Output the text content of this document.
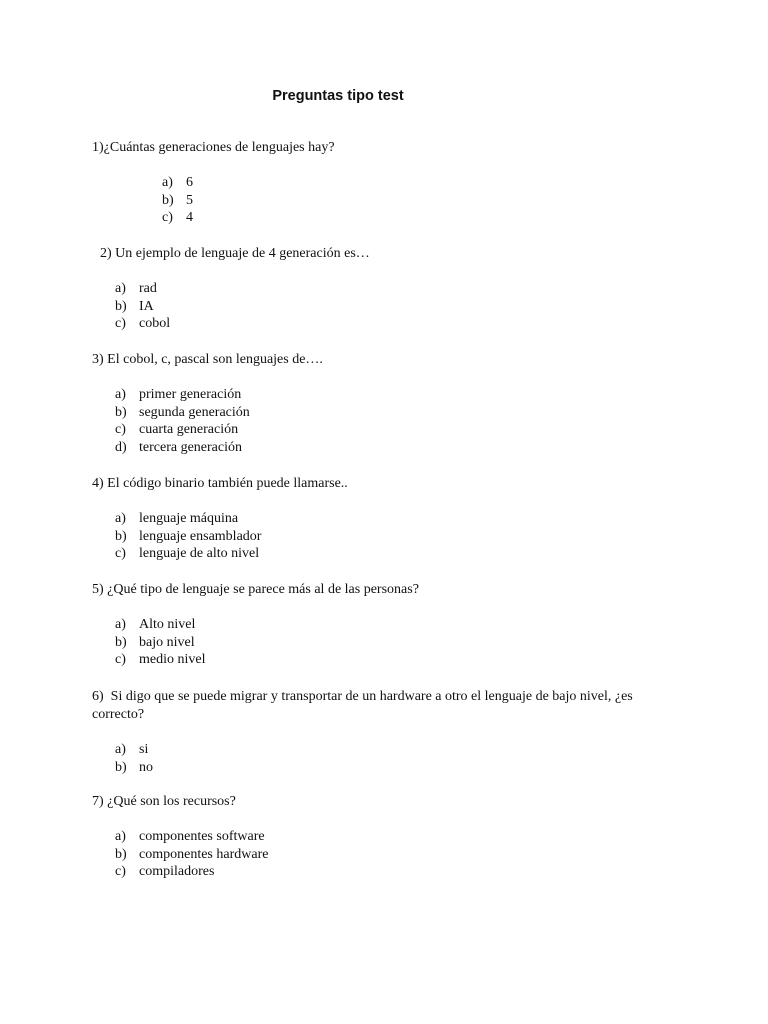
Preguntas tipo test

1)¿Cuántas generaciones de lenguajes hay?

a) 6
b) 5
c) 4

2) Un ejemplo de lenguaje de 4 generación es…

a) rad
b) IA
c) cobol

3) El cobol, c, pascal son lenguajes de….

a) primer generación
b) segunda generación
c) cuarta generación
d) tercera generación

4) El código binario también puede llamarse..

a) lenguaje máquina
b) lenguaje ensamblador
c) lenguaje de alto nivel

5) ¿Qué tipo de lenguaje se parece más al de las personas?

a) Alto nivel
b) bajo nivel
c) medio nivel

6)  Si digo que se puede migrar y transportar de un hardware a otro el lenguaje de bajo nivel, ¿es correcto?

a) si
b) no

7) ¿Qué son los recursos?

a) componentes software
b) componentes hardware
c) compiladores
